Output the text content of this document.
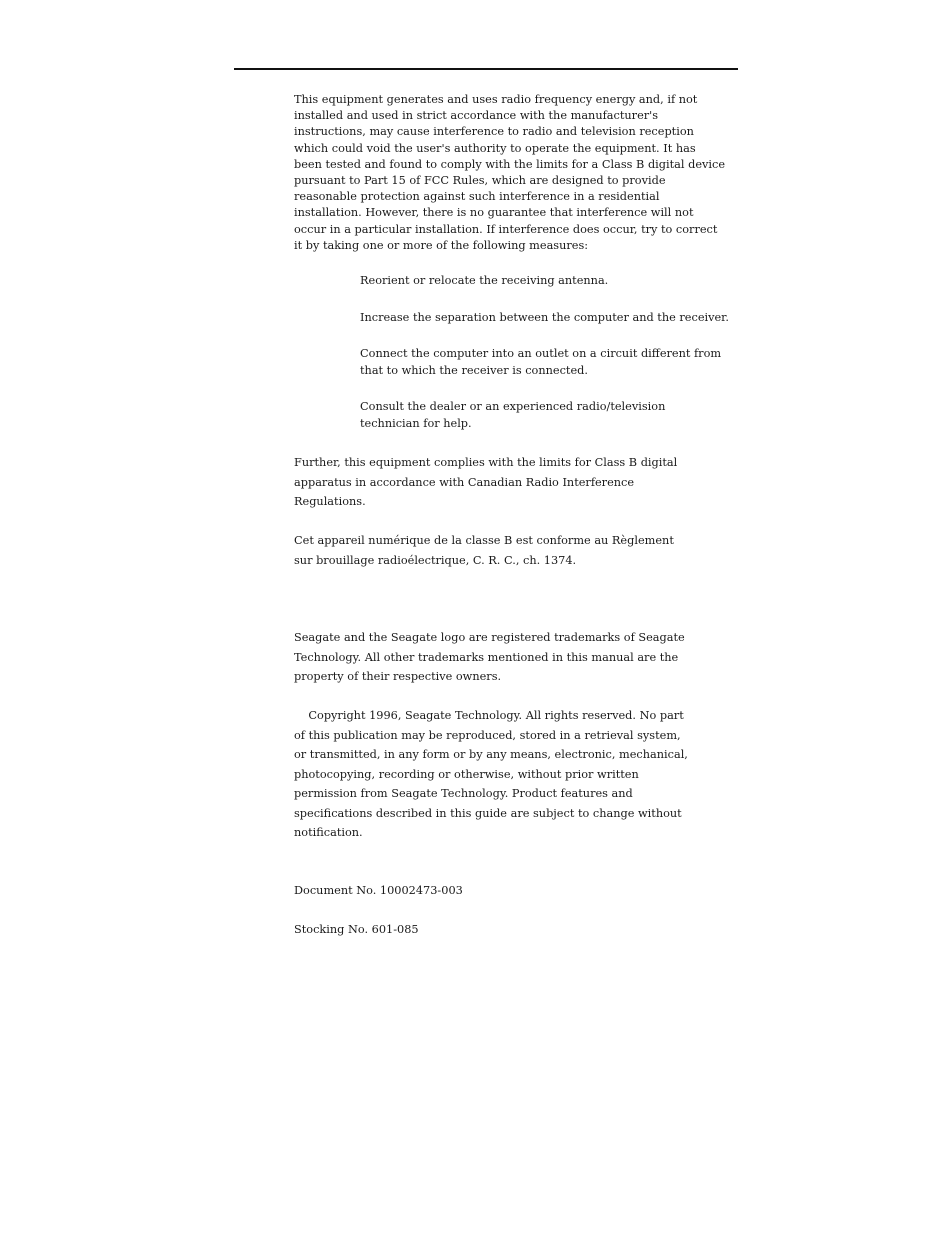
This equipment generates and uses radio frequency energy and, if not
installed and used in strict accordance with the manufacturer's
instructions, may cause interference to radio and television reception
which could void the user's authority to operate the equipment. It has
been tested and found to comply with the limits for a Class B digital device
pursuant to Part 15 of FCC Rules, which are designed to provide
reasonable protection against such interference in a residential
installation. However, there is no guarantee that interference will not
occur in a particular installation. If interference does occur, try to correct
it by taking one or more of the following measures:

Reorient or relocate the receiving antenna.

Increase the separation between the computer and the receiver.

Connect the computer into an outlet on a circuit different from
that to which the receiver is connected.

Consult the dealer or an experienced radio/television
technician for help.

Further, this equipment complies with the limits for Class B digital
apparatus in accordance with Canadian Radio Interference
Regulations.

Cet appareil numérique de la classe B est conforme au Règlement
sur brouillage radioélectrique, C. R. C., ch. 1374.

Seagate and the Seagate logo are registered trademarks of Seagate
Technology. All other trademarks mentioned in this manual are the
property of their respective owners.

Copyright 1996, Seagate Technology. All rights reserved. No part
of this publication may be reproduced, stored in a retrieval system,
or transmitted, in any form or by any means, electronic, mechanical,
photocopying, recording or otherwise, without prior written
permission from Seagate Technology. Product features and
specifications described in this guide are subject to change without
notification.

Document No. 10002473-003

Stocking No. 601-085
